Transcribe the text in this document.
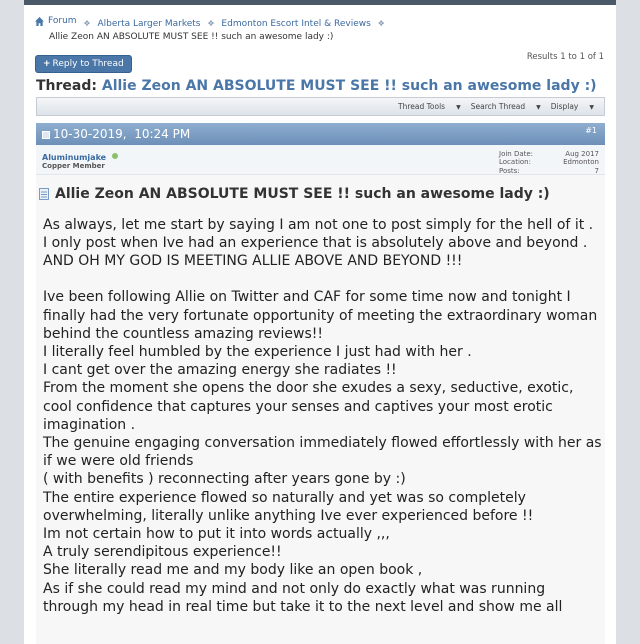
Forum ❖ Alberta Larger Markets ❖ Edmonton Escort Intel & Reviews ❖
Allie Zeon AN ABSOLUTE MUST SEE !! such an awesome lady :)
+ Reply to Thread
Results 1 to 1 of 1
Thread: Allie Zeon AN ABSOLUTE MUST SEE !! such an awesome lady :)
Thread Tools ▼ Search Thread ▼ Display ▼
10-30-2019, 10:24 PM	#1
Aluminumjake
Copper Member
Join Date:	Aug 2017
Location:	Edmonton
Posts:	7
Allie Zeon AN ABSOLUTE MUST SEE !! such an awesome lady :)

As always, let me start by saying I am not one to post simply for the hell of it .

I only post when Ive had an experience that is absolutely above and beyond .

AND OH MY GOD IS MEETING ALLIE ABOVE AND BEYOND !!!

Ive been following Allie on Twitter and CAF for some time now and tonight I finally had the very fortunate opportunity of meeting the extraordinary woman behind the countless amazing reviews!!

I literally feel humbled by the experience I just had with her .

I cant get over the amazing energy she radiates !!

From the moment she opens the door she exudes a sexy, seductive, exotic, cool confidence that captures your senses and captives your most erotic imagination .

The genuine engaging conversation immediately flowed effortlessly with her as if we were old friends

( with benefits ) reconnecting after years gone by :)

The entire experience flowed so naturally and yet was so completely overwhelming, literally unlike anything Ive ever experienced before !!

Im not certain how to put it into words actually ,,,

A truly serendipitous experience!!

She literally read me and my body like an open book ,

As if she could read my mind and not only do exactly what was running through my head in real time but take it to the next level and show me all
